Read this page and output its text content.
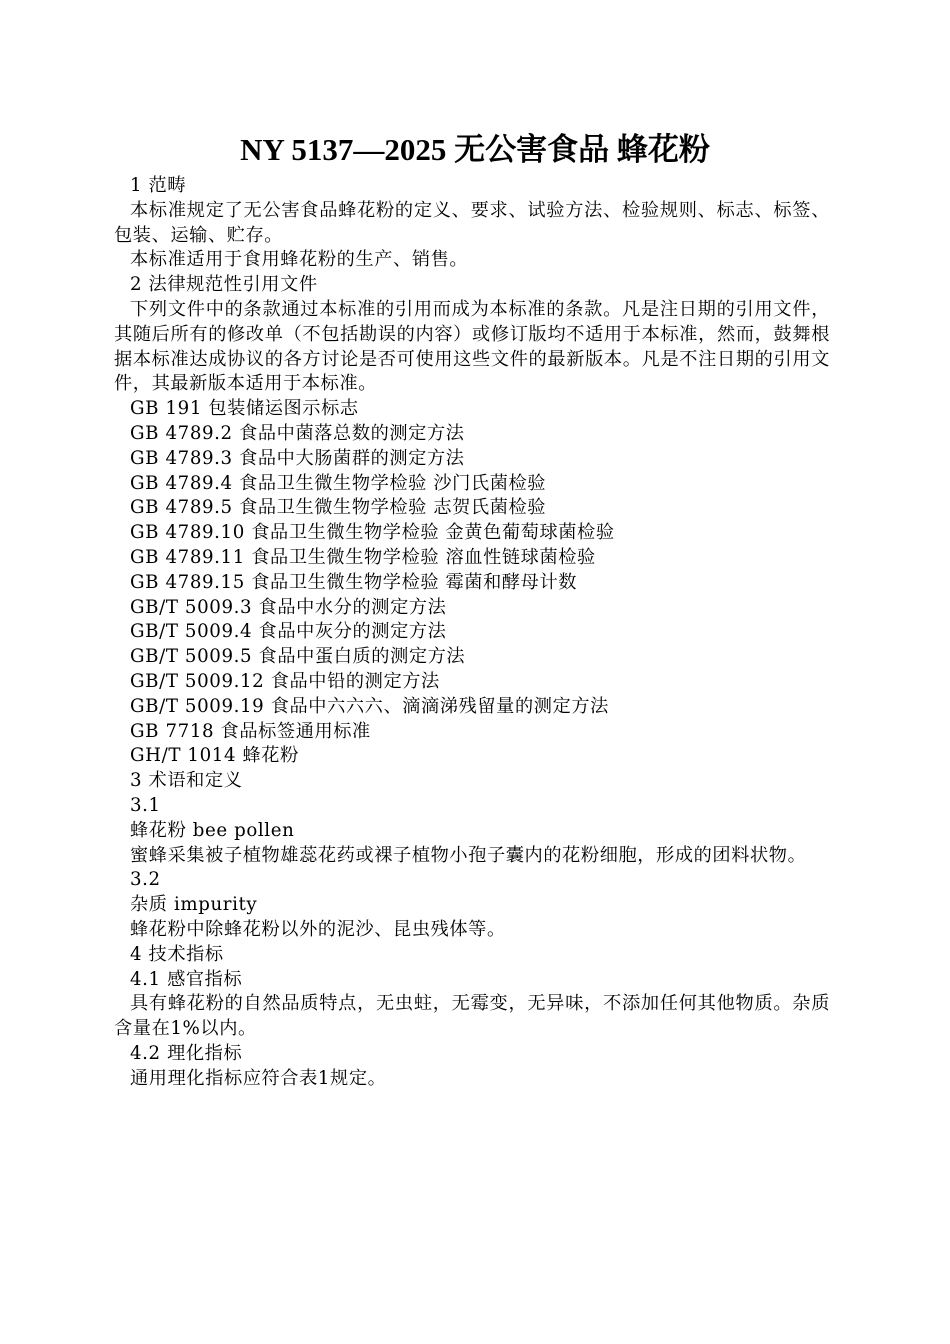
NY 5137—2025 无公害食品 蜂花粉

1 范畴

本标准规定了无公害食品蜂花粉的定义、要求、试验方法、检验规则、标志、标签、包装、运输、贮存。

本标准适用于食用蜂花粉的生产、销售。

2 法律规范性引用文件

下列文件中的条款通过本标准的引用而成为本标准的条款。凡是注日期的引用文件，其随后所有的修改单（不包括勘误的内容）或修订版均不适用于本标准，然而，鼓舞根据本标准达成协议的各方讨论是否可使用这些文件的最新版本。凡是不注日期的引用文件，其最新版本适用于本标准。

GB 191 包装储运图示标志

GB 4789.2 食品中菌落总数的测定方法

GB 4789.3 食品中大肠菌群的测定方法

GB 4789.4 食品卫生微生物学检验 沙门氏菌检验

GB 4789.5 食品卫生微生物学检验 志贺氏菌检验

GB 4789.10 食品卫生微生物学检验 金黄色葡萄球菌检验

GB 4789.11 食品卫生微生物学检验 溶血性链球菌检验

GB 4789.15 食品卫生微生物学检验 霉菌和酵母计数

GB/T 5009.3 食品中水分的测定方法

GB/T 5009.4 食品中灰分的测定方法

GB/T 5009.5 食品中蛋白质的测定方法

GB/T 5009.12 食品中铅的测定方法

GB/T 5009.19 食品中六六六、滴滴涕残留量的测定方法

GB 7718 食品标签通用标准

GH/T 1014 蜂花粉

3 术语和定义

3.1

蜂花粉 bee pollen

蜜蜂采集被子植物雄蕊花药或裸子植物小孢子囊内的花粉细胞，形成的团料状物。

3.2

杂质 impurity

蜂花粉中除蜂花粉以外的泥沙、昆虫残体等。

4 技术指标

4.1 感官指标

具有蜂花粉的自然品质特点，无虫蛀，无霉变，无异味，不添加任何其他物质。杂质含量在1%以内。

4.2 理化指标

通用理化指标应符合表1规定。
